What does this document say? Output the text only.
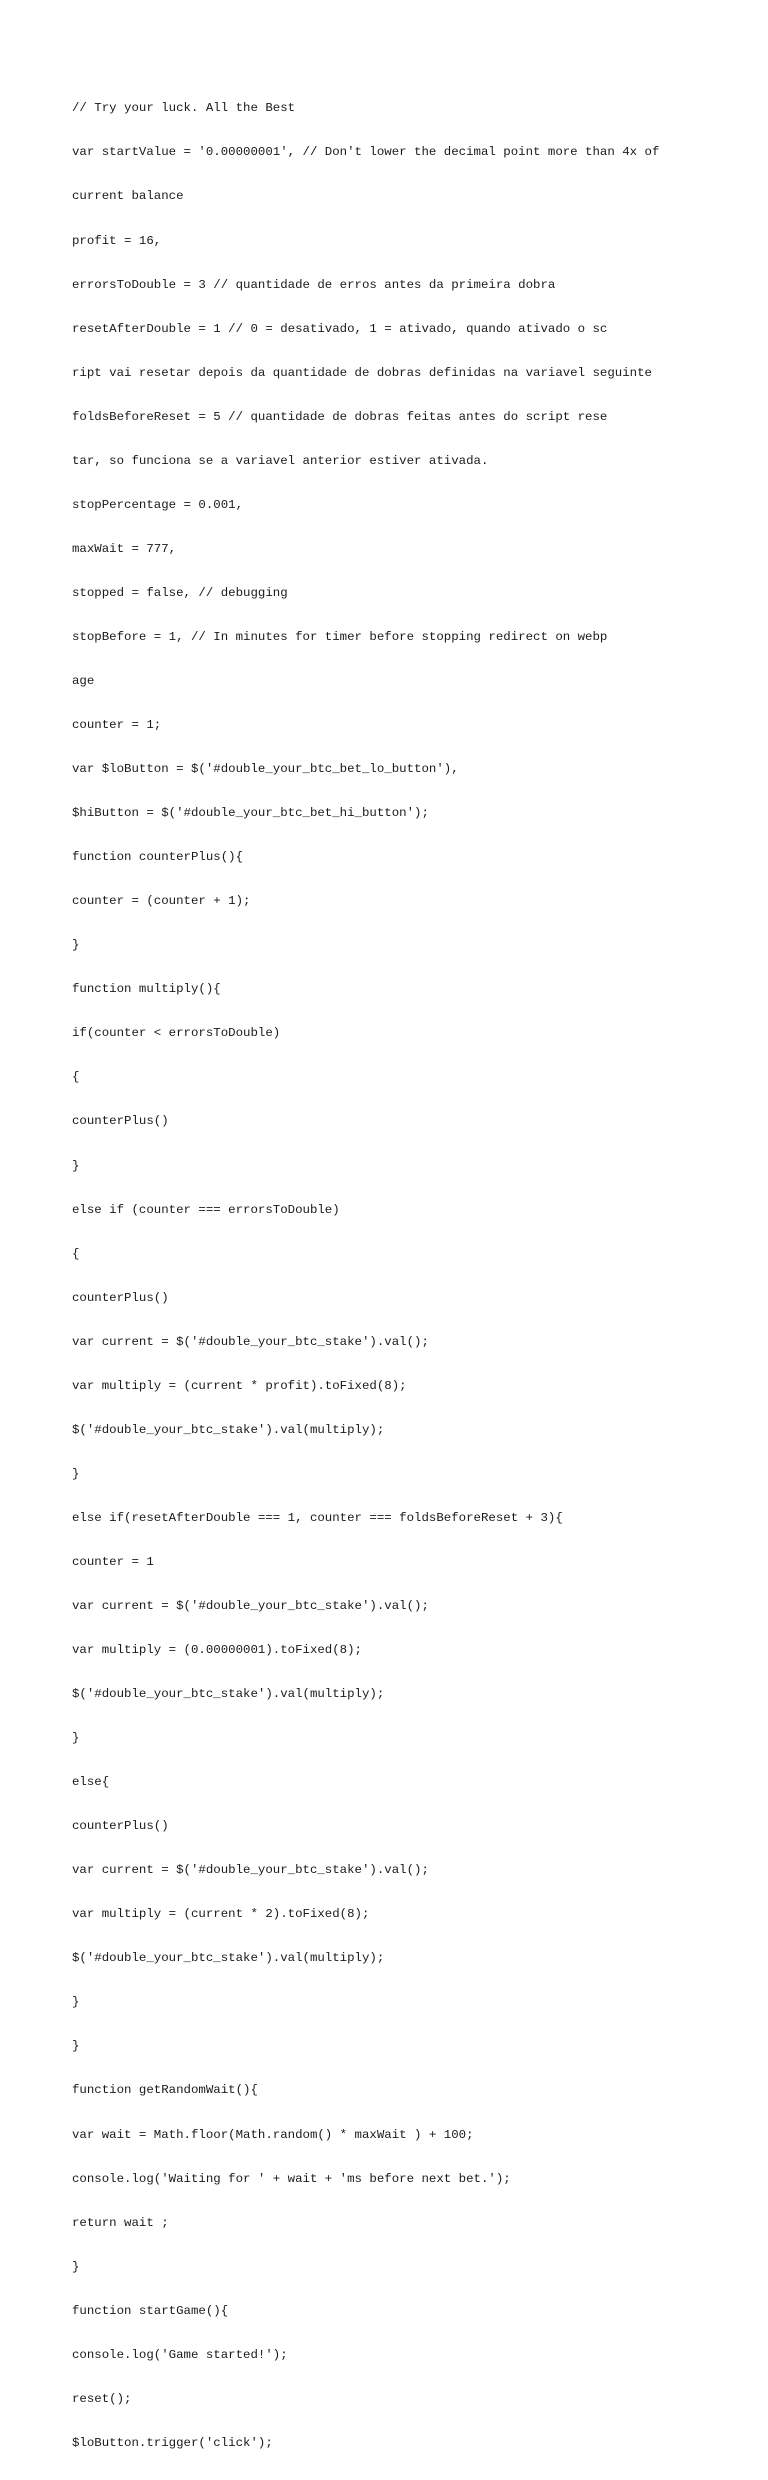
// Try your luck. All the Best

var startValue = '0.00000001', // Don't lower the decimal point more than 4x of

current balance

profit = 16,

errorsToDouble = 3 // quantidade de erros antes da primeira dobra

resetAfterDouble = 1 // 0 = desativado, 1 = ativado, quando ativado o sc

ript vai resetar depois da quantidade de dobras definidas na variavel seguinte

foldsBeforeReset = 5 // quantidade de dobras feitas antes do script rese

tar, so funciona se a variavel anterior estiver ativada.

stopPercentage = 0.001,

maxWait = 777,

stopped = false, // debugging

stopBefore = 1, // In minutes for timer before stopping redirect on webp

age

counter = 1;

var $loButton = $('#double_your_btc_bet_lo_button'),

$hiButton = $('#double_your_btc_bet_hi_button');

function counterPlus(){

counter = (counter + 1);

}

function multiply(){

if(counter < errorsToDouble)

{

counterPlus()

}

else if (counter === errorsToDouble)

{

counterPlus()

var current = $('#double_your_btc_stake').val();

var multiply = (current * profit).toFixed(8);

$('#double_your_btc_stake').val(multiply);

}

else if(resetAfterDouble === 1, counter === foldsBeforeReset + 3){

counter = 1

var current = $('#double_your_btc_stake').val();

var multiply = (0.00000001).toFixed(8);

$('#double_your_btc_stake').val(multiply);

}

else{

counterPlus()

var current = $('#double_your_btc_stake').val();

var multiply = (current * 2).toFixed(8);

$('#double_your_btc_stake').val(multiply);

}

}

function getRandomWait(){

var wait = Math.floor(Math.random() * maxWait ) + 100;

console.log('Waiting for ' + wait + 'ms before next bet.');

return wait ;

}

function startGame(){

console.log('Game started!');

reset();

$loButton.trigger('click');
